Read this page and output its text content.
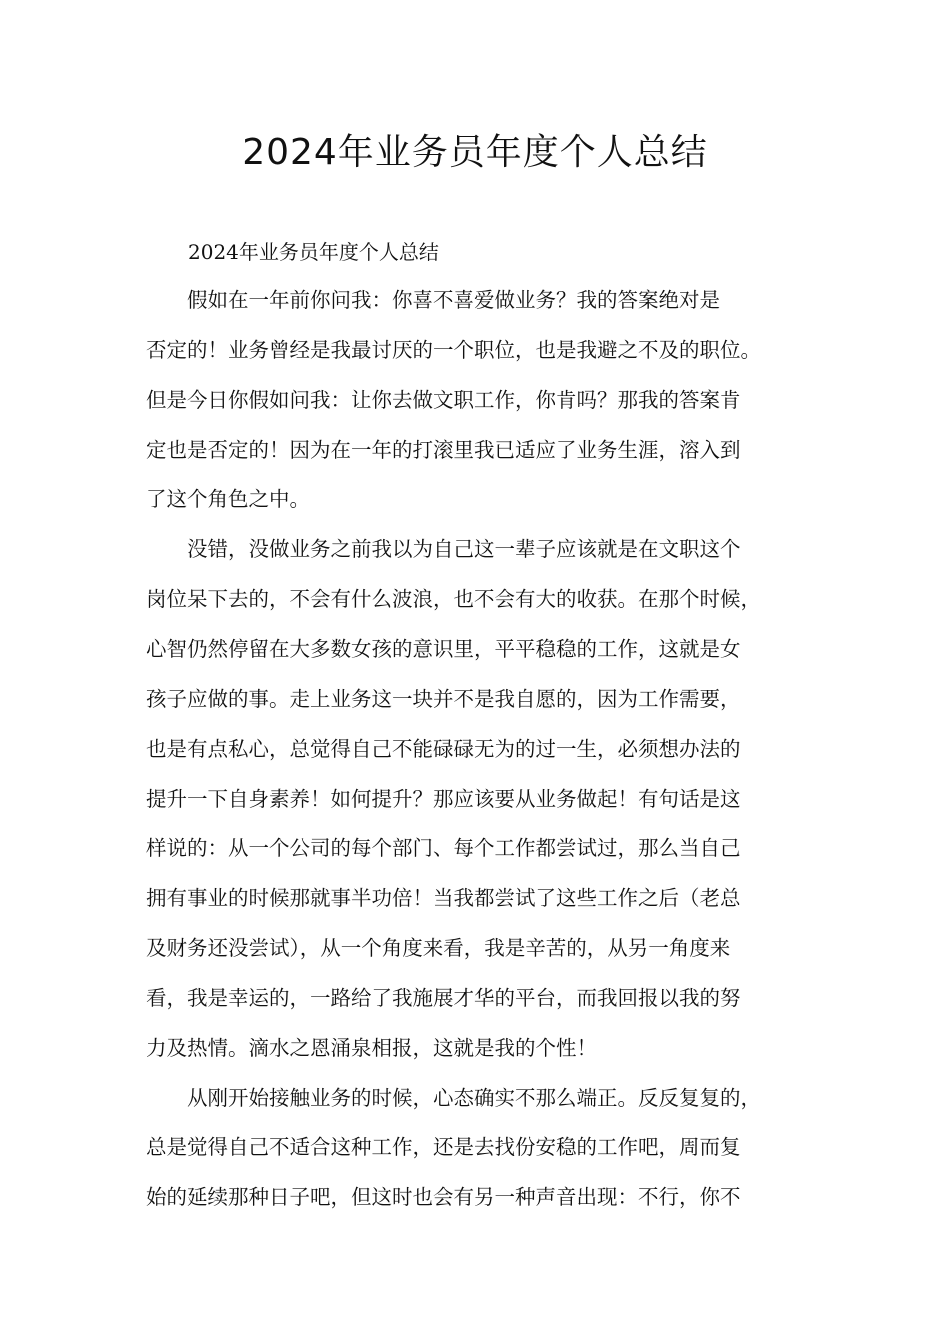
2024年业务员年度个人总结

2024年业务员年度个人总结

　　假如在一年前你问我：你喜不喜爱做业务？我的答案绝对是

否定的！业务曾经是我最讨厌的一个职位，也是我避之不及的职位。

但是今日你假如问我：让你去做文职工作，你肯吗？那我的答案肯

定也是否定的！因为在一年的打滚里我已适应了业务生涯，溶入到

了这个角色之中。

　　没错，没做业务之前我以为自己这一辈子应该就是在文职这个

岗位呆下去的，不会有什么波浪，也不会有大的收获。在那个时候，

心智仍然停留在大多数女孩的意识里，平平稳稳的工作，这就是女

孩子应做的事。走上业务这一块并不是我自愿的，因为工作需要，

也是有点私心，总觉得自己不能碌碌无为的过一生，必须想办法的

提升一下自身素养！如何提升？那应该要从业务做起！有句话是这

样说的：从一个公司的每个部门、每个工作都尝试过，那么当自己

拥有事业的时候那就事半功倍！当我都尝试了这些工作之后（老总

及财务还没尝试），从一个角度来看，我是辛苦的，从另一角度来

看，我是幸运的，一路给了我施展才华的平台，而我回报以我的努

力及热情。滴水之恩涌泉相报，这就是我的个性！

　　从刚开始接触业务的时候，心态确实不那么端正。反反复复的，

总是觉得自己不适合这种工作，还是去找份安稳的工作吧，周而复

始的延续那种日子吧，但这时也会有另一种声音出现：不行，你不
